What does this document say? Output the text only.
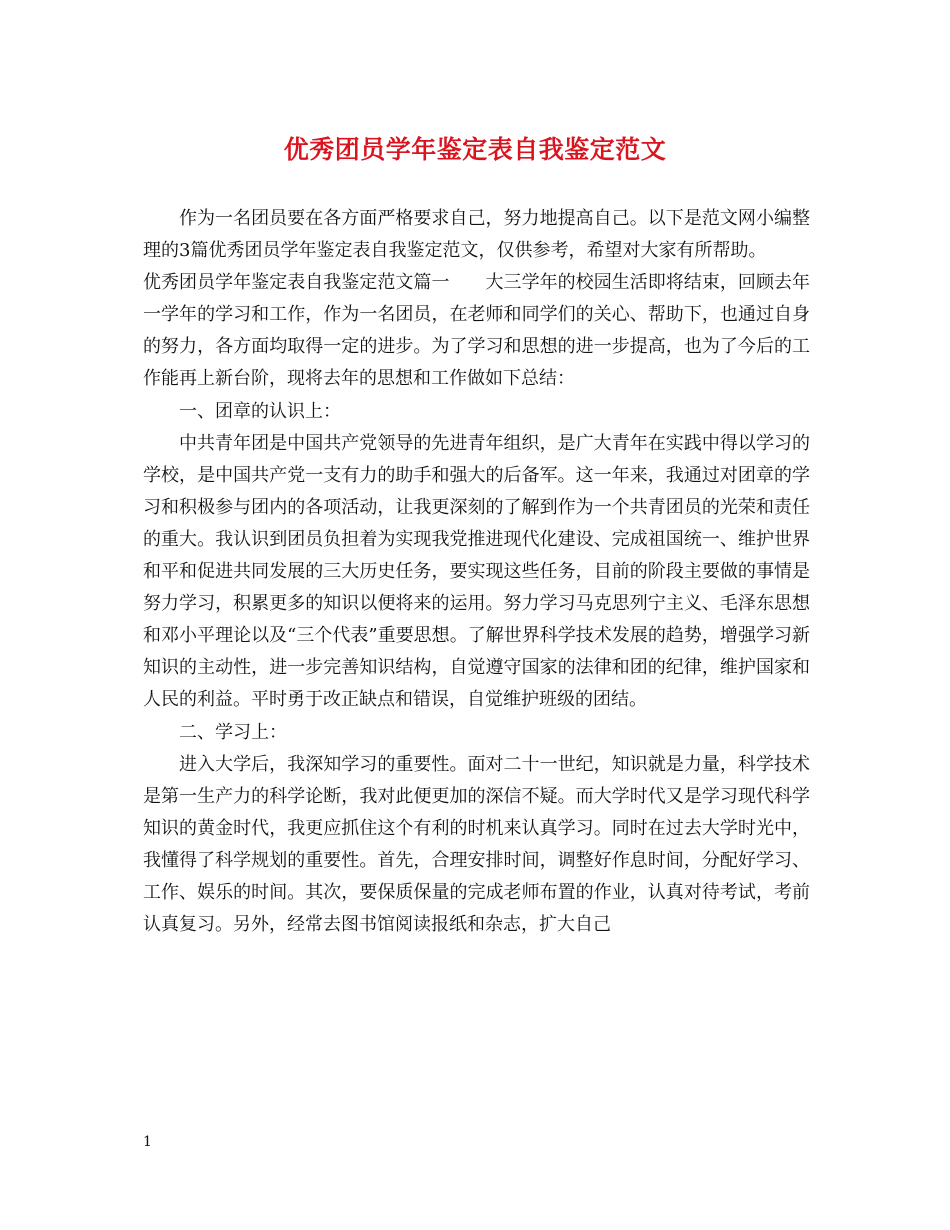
优秀团员学年鉴定表自我鉴定范文

作为一名团员要在各方面严格要求自己，努力地提高自己。以下是范文网小编整理的3篇优秀团员学年鉴定表自我鉴定范文，仅供参考，希望对大家有所帮助。

优秀团员学年鉴定表自我鉴定范文篇一　　大三学年的校园生活即将结束，回顾去年一学年的学习和工作，作为一名团员，在老师和同学们的关心、帮助下，也通过自身的努力，各方面均取得一定的进步。为了学习和思想的进一步提高，也为了今后的工作能再上新台阶，现将去年的思想和工作做如下总结：

一、团章的认识上：

中共青年团是中国共产党领导的先进青年组织，是广大青年在实践中得以学习的学校，是中国共产党一支有力的助手和强大的后备军。这一年来，我通过对团章的学习和积极参与团内的各项活动，让我更深刻的了解到作为一个共青团员的光荣和责任的重大。我认识到团员负担着为实现我党推进现代化建设、完成祖国统一、维护世界和平和促进共同发展的三大历史任务，要实现这些任务，目前的阶段主要做的事情是努力学习，积累更多的知识以便将来的运用。努力学习马克思列宁主义、毛泽东思想和邓小平理论以及“三个代表”重要思想。了解世界科学技术发展的趋势，增强学习新知识的主动性，进一步完善知识结构，自觉遵守国家的法律和团的纪律，维护国家和人民的利益。平时勇于改正缺点和错误，自觉维护班级的团结。

二、学习上：

进入大学后，我深知学习的重要性。面对二十一世纪，知识就是力量，科学技术是第一生产力的科学论断，我对此便更加的深信不疑。而大学时代又是学习现代科学知识的黄金时代，我更应抓住这个有利的时机来认真学习。同时在过去大学时光中，我懂得了科学规划的重要性。首先，合理安排时间，调整好作息时间，分配好学习、工作、娱乐的时间。其次，要保质保量的完成老师布置的作业，认真对待考试，考前认真复习。另外，经常去图书馆阅读报纸和杂志，扩大自己

1
